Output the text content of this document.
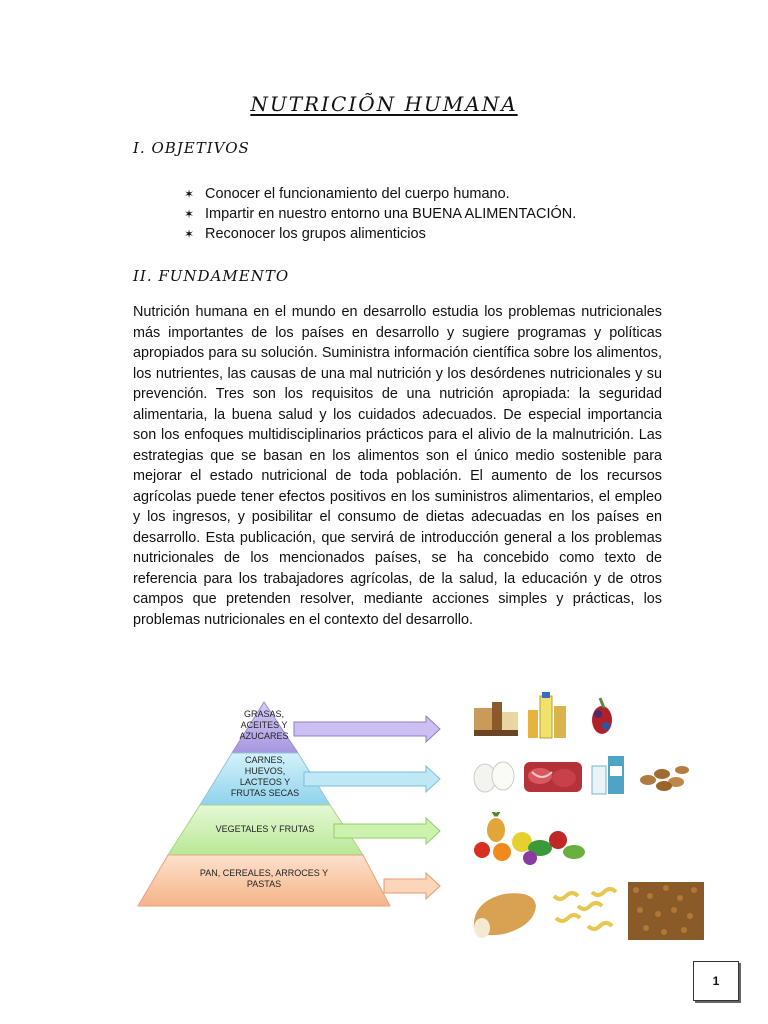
NUTRICIÕN HUMANA
I. OBJETIVOS
✶ Conocer el funcionamiento del cuerpo humano.
✶ Impartir en nuestro entorno una BUENA ALIMENTACIÓN.
✶ Reconocer los grupos alimenticios
II. FUNDAMENTO

Nutrición humana en el mundo en desarrollo estudia los problemas nutricionales más importantes de los países en desarrollo y sugiere programas y políticas apropiados para su solución. Suministra información científica sobre los alimentos, los nutrientes, las causas de una mal nutrición y los desórdenes nutricionales y su prevención. Tres son los requisitos de una nutrición apropiada: la seguridad alimentaria, la buena salud y los cuidados adecuados. De especial importancia son los enfoques multidisciplinarios prácticos para el alivio de la malnutrición. Las estrategias que se basan en los alimentos son el único medio sostenible para mejorar el estado nutricional de toda población. El aumento de los recursos agrícolas puede tener efectos positivos en los suministros alimentarios, el empleo y los ingresos, y posibilitar el consumo de dietas adecuadas en los países en desarrollo. Esta publicación, que servirá de introducción general a los problemas nutricionales de los mencionados países, se ha concebido como texto de referencia para los trabajadores agrícolas, de la salud, la educación y de otros campos que pretenden resolver, mediante acciones simples y prácticas, los problemas nutricionales en el contexto del desarrollo.

GRASAS,
ACEITES Y
AZUCARES
CARNES,
HUEVOS,
LACTEOS Y
FRUTAS SECAS
VEGETALES Y FRUTAS
PAN, CEREALES, ARROCES Y
PASTAS
1
